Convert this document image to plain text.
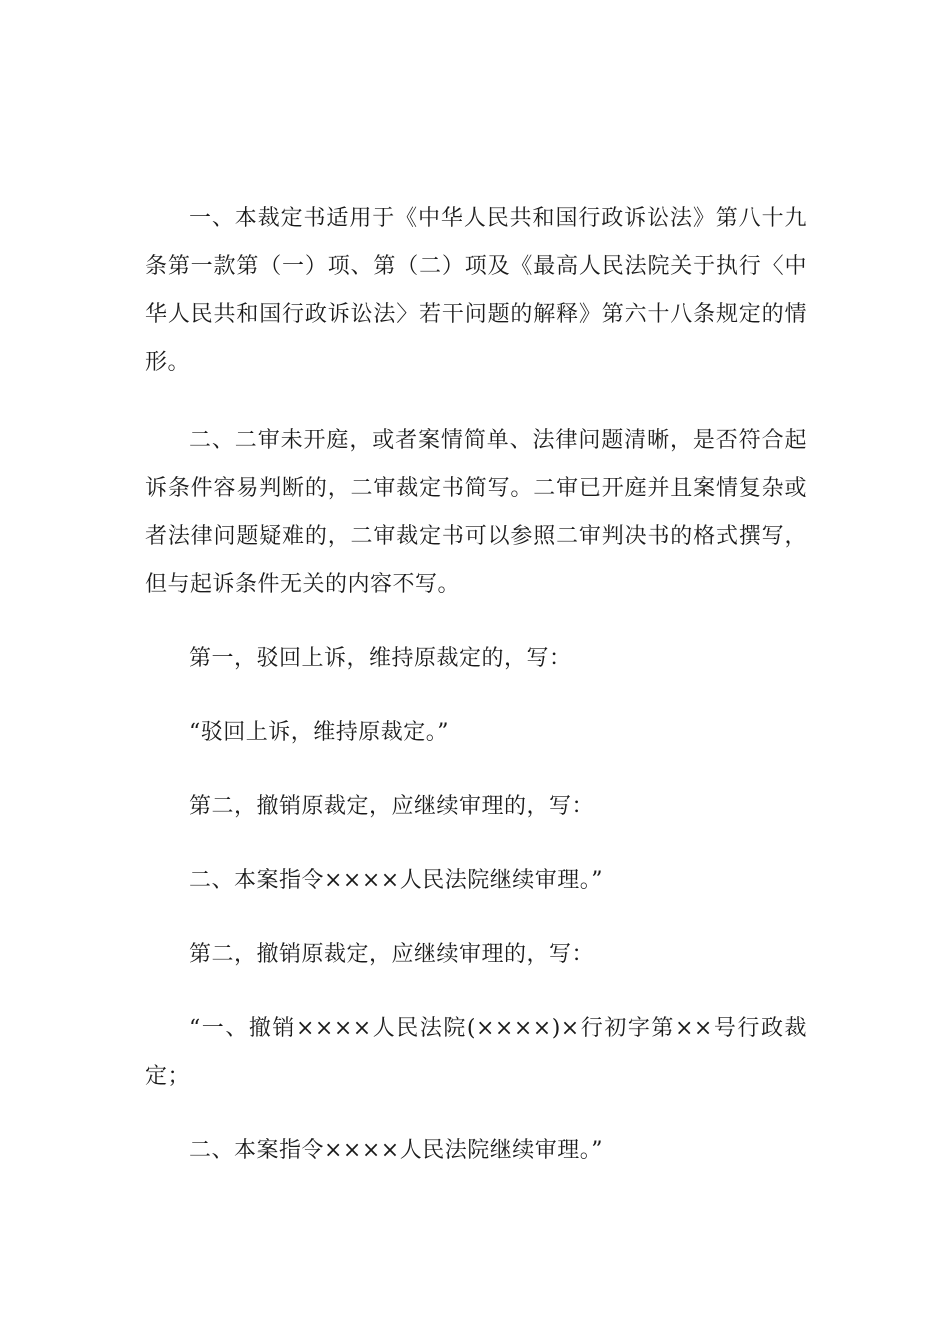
一、本裁定书适用于《中华人民共和国行政诉讼法》第八十九条第一款第（一）项、第（二）项及《最高人民法院关于执行〈中华人民共和国行政诉讼法〉若干问题的解释》第六十八条规定的情形。

二、二审未开庭，或者案情简单、法律问题清晰，是否符合起诉条件容易判断的，二审裁定书简写。二审已开庭并且案情复杂或者法律问题疑难的，二审裁定书可以参照二审判决书的格式撰写，但与起诉条件无关的内容不写。

第一，驳回上诉，维持原裁定的，写：

“驳回上诉，维持原裁定。”

第二，撤销原裁定，应继续审理的，写：

二、本案指令××××人民法院继续审理。”

第二，撤销原裁定，应继续审理的，写：

“一、撤销××××人民法院(××××)×行初字第××号行政裁定；

二、本案指令××××人民法院继续审理。”
